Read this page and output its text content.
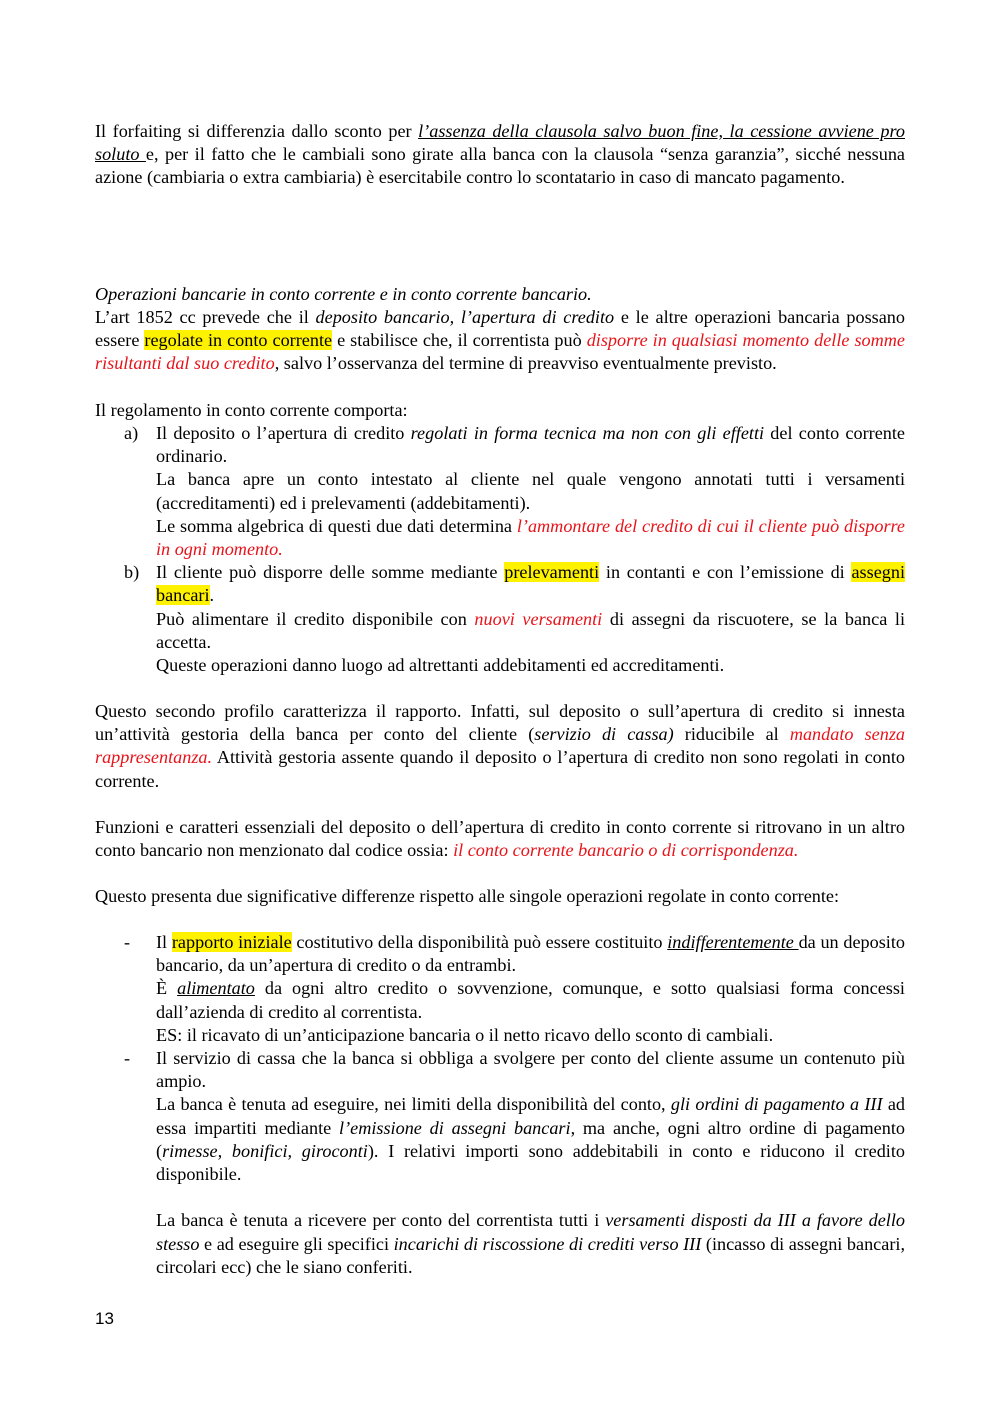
Il forfaiting si differenzia dallo sconto per l’assenza della clausola salvo buon fine, la cessione avviene pro soluto e, per il fatto che le cambiali sono girate alla banca con la clausola “senza garanzia”, sicché nessuna azione (cambiaria o extra cambiaria) è esercitabile contro lo scontatario in caso di mancato pagamento.

Operazioni bancarie in conto corrente e in conto corrente bancario.

L’art 1852 cc prevede che il deposito bancario, l’apertura di credito e le altre operazioni bancaria possano essere regolate in conto corrente e stabilisce che, il correntista può disporre in qualsiasi momento delle somme risultanti dal suo credito, salvo l’osservanza del termine di preavviso eventualmente previsto.

Il regolamento in conto corrente comporta:

a) Il deposito o l’apertura di credito regolati in forma tecnica ma non con gli effetti del conto corrente ordinario.

La banca apre un conto intestato al cliente nel quale vengono annotati tutti i versamenti (accreditamenti) ed i prelevamenti (addebitamenti).

Le somma algebrica di questi due dati determina l’ammontare del credito di cui il cliente può disporre in ogni momento.

b) Il cliente può disporre delle somme mediante prelevamenti in contanti e con l’emissione di assegni bancari.

Può alimentare il credito disponibile con nuovi versamenti di assegni da riscuotere, se la banca li accetta.

Queste operazioni danno luogo ad altrettanti addebitamenti ed accreditamenti.

Questo secondo profilo caratterizza il rapporto. Infatti, sul deposito o sull’apertura di credito si innesta un’attività gestoria della banca per conto del cliente (servizio di cassa) riducibile al mandato senza rappresentanza. Attività gestoria assente quando il deposito o l’apertura di credito non sono regolati in conto corrente.

Funzioni e caratteri essenziali del deposito o dell’apertura di credito in conto corrente si ritrovano in un altro conto bancario non menzionato dal codice ossia: il conto corrente bancario o di corrispondenza.

Questo presenta due significative differenze rispetto alle singole operazioni regolate in conto corrente:

- Il rapporto iniziale costitutivo della disponibilità può essere costituito indifferentemente da un deposito bancario, da un’apertura di credito o da entrambi.

È alimentato da ogni altro credito o sovvenzione, comunque, e sotto qualsiasi forma concessi dall’azienda di credito al correntista.

ES: il ricavato di un’anticipazione bancaria o il netto ricavo dello sconto di cambiali.

- Il servizio di cassa che la banca si obbliga a svolgere per conto del cliente assume un contenuto più ampio.

La banca è tenuta ad eseguire, nei limiti della disponibilità del conto, gli ordini di pagamento a III ad essa impartiti mediante l’emissione di assegni bancari, ma anche, ogni altro ordine di pagamento (rimesse, bonifici, giroconti). I relativi importi sono addebitabili in conto e riducono il credito disponibile.

La banca è tenuta a ricevere per conto del correntista tutti i versamenti disposti da III a favore dello stesso e ad eseguire gli specifici incarichi di riscossione di crediti verso III (incasso di assegni bancari, circolari ecc) che le siano conferiti.

13
